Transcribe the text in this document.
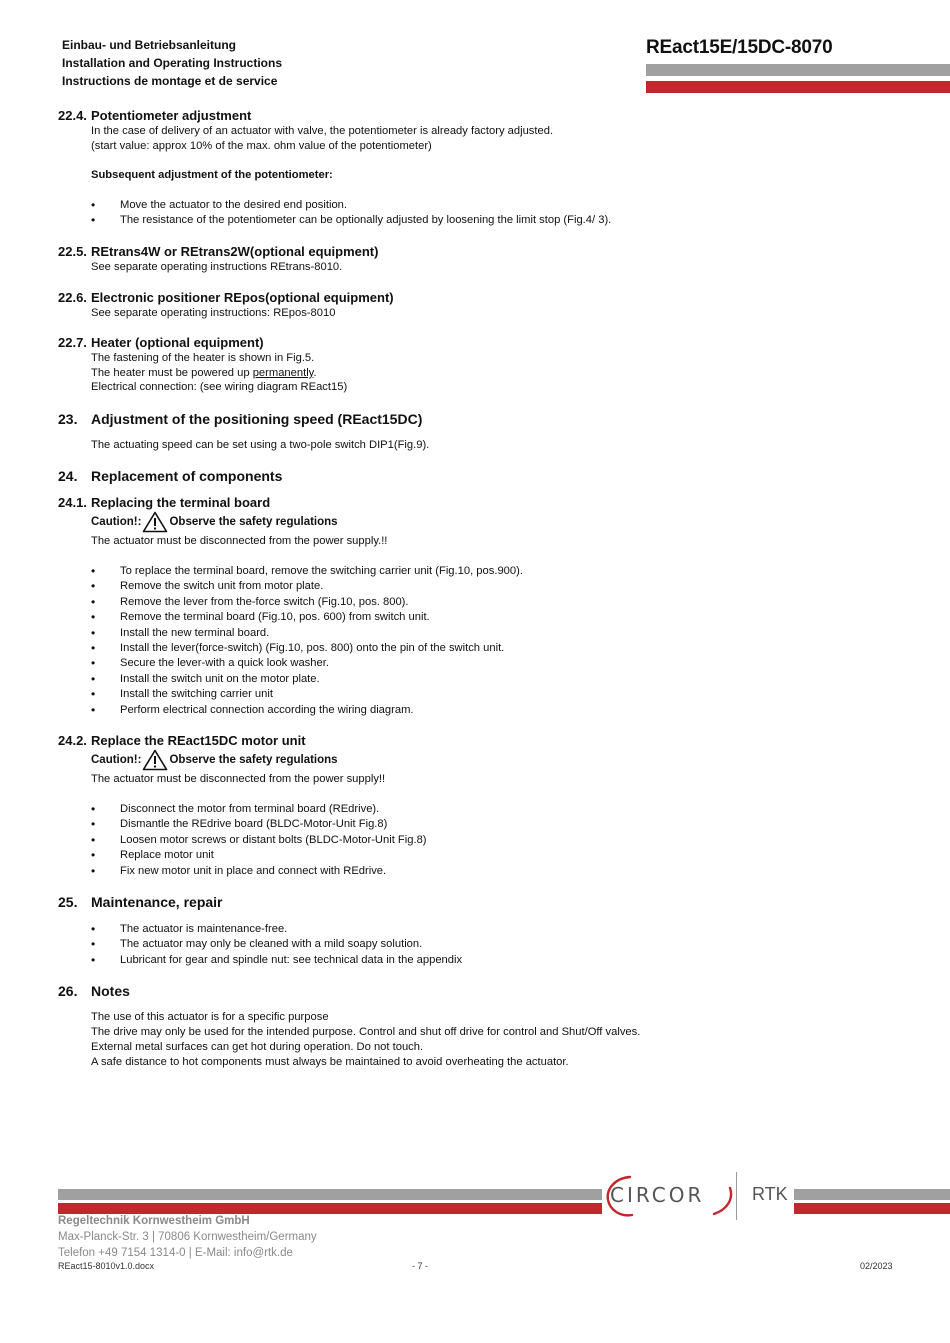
Einbau- und Betriebsanleitung
Installation and Operating Instructions
Instructions de montage et de service
REact15E/15DC-8070
22.4. Potentiometer adjustment
In the case of delivery of an actuator with valve, the potentiometer is already factory adjusted.
(start value: approx 10% of the max. ohm value of the potentiometer)
Subsequent adjustment of the potentiometer:
• Move the actuator to the desired end position.
• The resistance of the potentiometer can be optionally adjusted by loosening the limit stop (Fig.4/ 3).
22.5. REtrans4W or REtrans2W(optional equipment)
See separate operating instructions REtrans-8010.
22.6. Electronic positioner REpos(optional equipment)
See separate operating instructions: REpos-8010
22.7. Heater (optional equipment)
The fastening of the heater is shown in Fig.5.
The heater must be powered up permanently.
Electrical connection: (see wiring diagram REact15)
23. Adjustment of the positioning speed (REact15DC)
The actuating speed can be set using a two-pole switch DIP1(Fig.9).
24. Replacement of components
24.1. Replacing the terminal board
Caution!: Observe the safety regulations
The actuator must be disconnected from the power supply.!!
• To replace the terminal board, remove the switching carrier unit (Fig.10, pos.900).
• Remove the switch unit from motor plate.
• Remove the lever from the-force switch (Fig.10, pos. 800).
• Remove the terminal board (Fig.10, pos. 600) from switch unit.
• Install the new terminal board.
• Install the lever(force-switch) (Fig.10, pos. 800) onto the pin of the switch unit.
• Secure the lever-with a quick look washer.
• Install the switch unit on the motor plate.
• Install the switching carrier unit
• Perform electrical connection according the wiring diagram.
24.2. Replace the REact15DC motor unit
Caution!: Observe the safety regulations
The actuator must be disconnected from the power supply!!
• Disconnect the motor from terminal board (REdrive).
• Dismantle the REdrive board (BLDC-Motor-Unit Fig.8)
• Loosen motor screws or distant bolts (BLDC-Motor-Unit Fig.8)
• Replace motor unit
• Fix new motor unit in place and connect with REdrive.
25. Maintenance, repair
• The actuator is maintenance-free.
• The actuator may only be cleaned with a mild soapy solution.
• Lubricant for gear and spindle nut: see technical data in the appendix
26. Notes
The use of this actuator is for a specific purpose
The drive may only be used for the intended purpose. Control and shut off drive for control and Shut/Off valves.
External metal surfaces can get hot during operation. Do not touch.
A safe distance to hot components must always be maintained to avoid overheating the actuator.
CIRCOR	RTK
Regeltechnik Kornwestheim GmbH
Max-Planck-Str. 3 | 70806 Kornwestheim/Germany
Telefon +49 7154 1314-0 | E-Mail: info@rtk.de
REact15-8010v1.0.docx	- 7 -	02/2023
